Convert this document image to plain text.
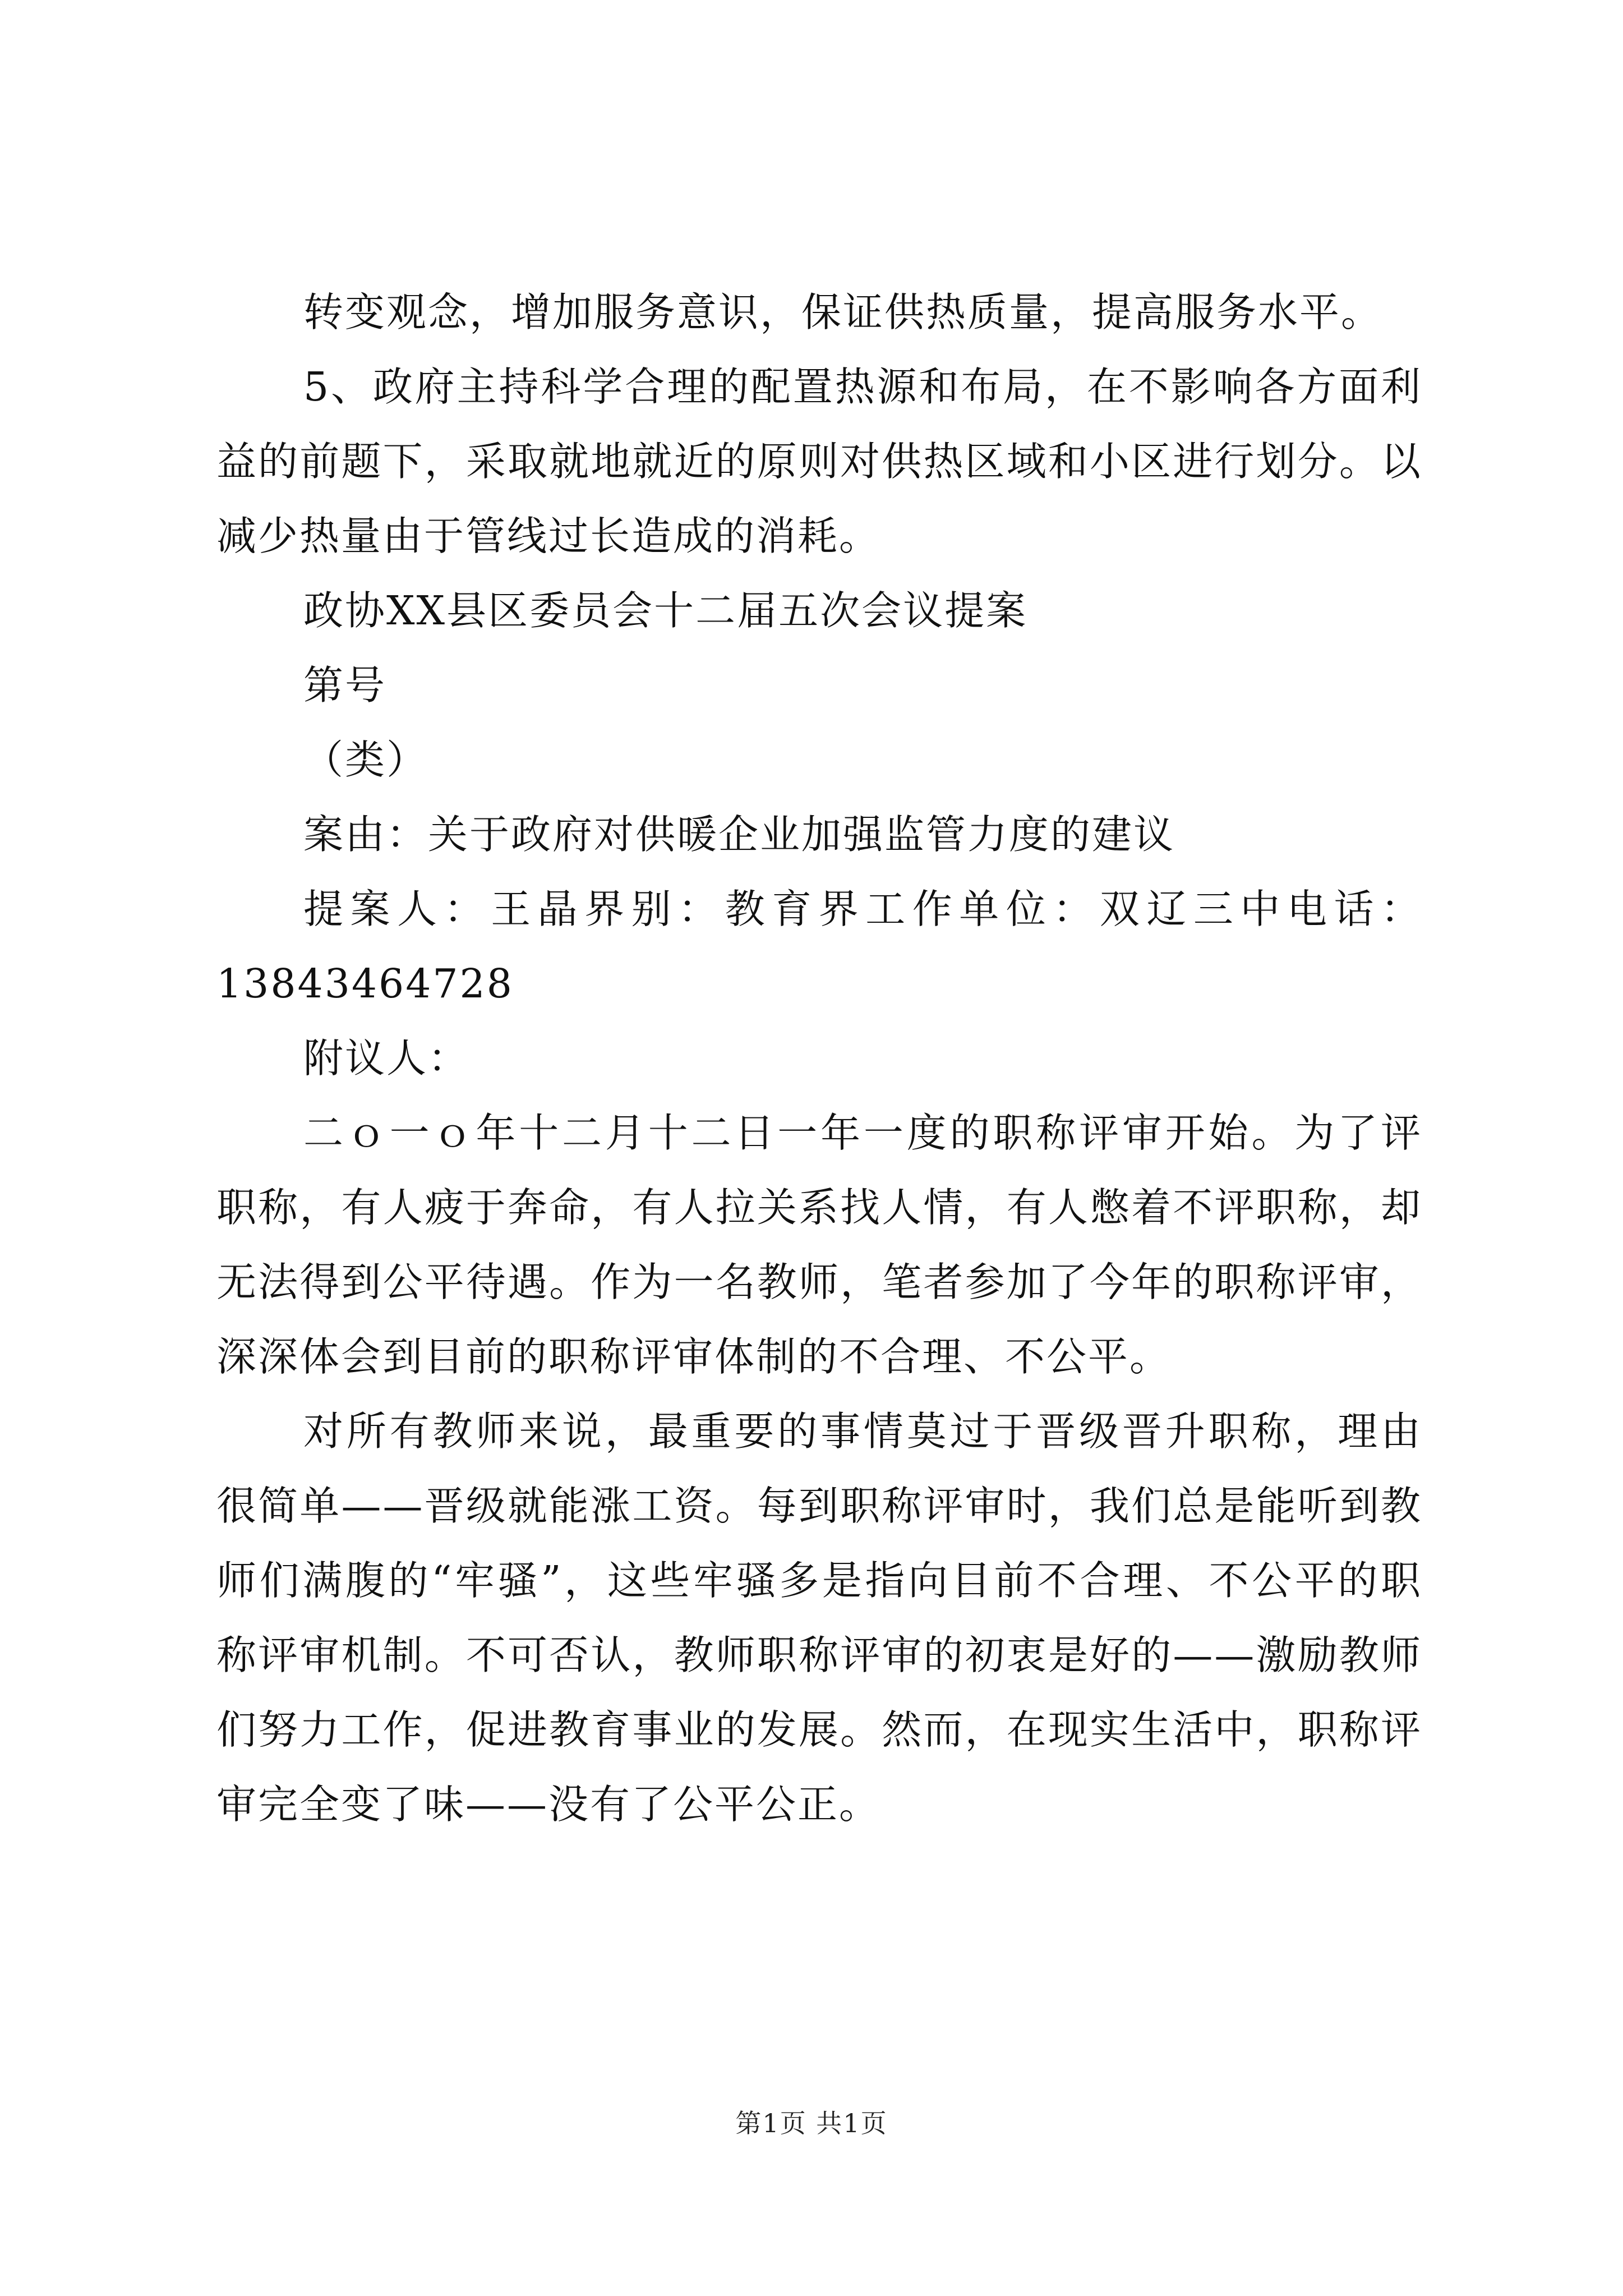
转变观念，增加服务意识，保证供热质量，提高服务水平。

5、政府主持科学合理的配置热源和布局，在不影响各方面利益的前题下，采取就地就近的原则对供热区域和小区进行划分。以减少热量由于管线过长造成的消耗。

政协XX县区委员会十二届五次会议提案

第号

（类）

案由：关于政府对供暖企业加强监管力度的建议

提案人：王晶界别：教育界工作单位：双辽三中电话：13843464728

附议人：

二ｏ一ｏ年十二月十二日一年一度的职称评审开始。为了评职称，有人疲于奔命，有人拉关系找人情，有人憋着不评职称，却无法得到公平待遇。作为一名教师，笔者参加了今年的职称评审，深深体会到目前的职称评审体制的不合理、不公平。

对所有教师来说，最重要的事情莫过于晋级晋升职称，理由很简单——晋级就能涨工资。每到职称评审时，我们总是能听到教师们满腹的“牢骚”，这些牢骚多是指向目前不合理、不公平的职称评审机制。不可否认，教师职称评审的初衷是好的——激励教师们努力工作，促进教育事业的发展。然而，在现实生活中，职称评审完全变了味——没有了公平公正。

第1页 共1页
